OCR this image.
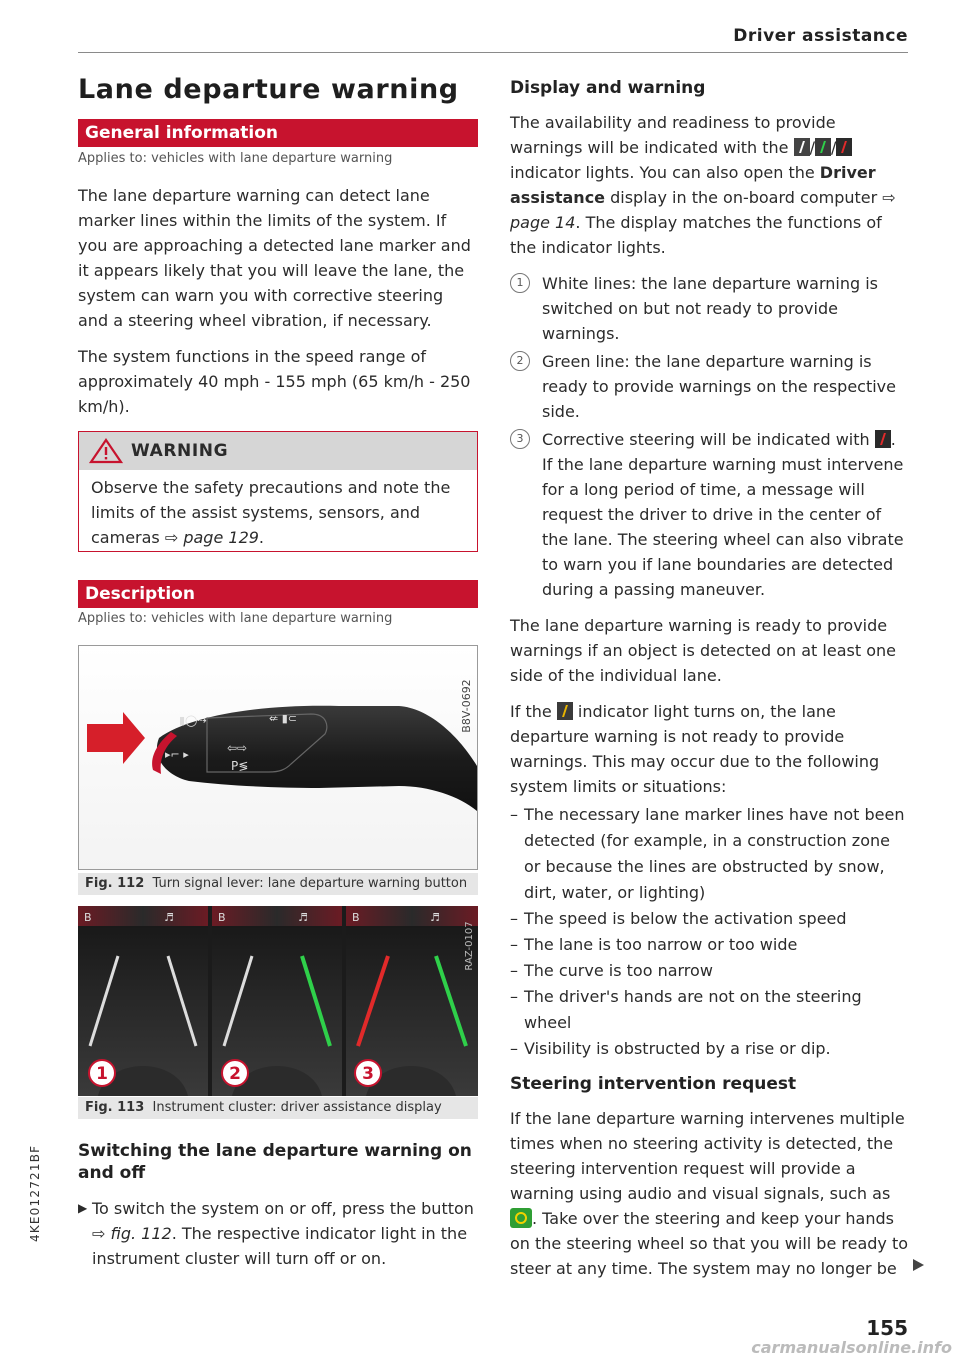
Driver assistance
Lane departure warning
General information
Applies to: vehicles with lane departure warning

The lane departure warning can detect lane marker lines within the limits of the system. If you are approaching a detected lane marker and it appears likely that you will leave the lane, the system can warn you with corrective steering and a steering wheel vibration, if necessary.

The system functions in the speed range of approximately 40 mph - 155 mph (65 km/h - 250 km/h).

WARNING
Observe the safety precautions and note the limits of the assist systems, sensors, and cameras ⇨ page 129.
Description
Applies to: vehicles with lane departure warning
▮◯⇢	⇍ ▮⊂
▸⌐ ▸	⇦⇨
P≶
B8V-0692
Fig. 112 Turn signal lever: lane departure warning button
B	♬	B	♬	B	♬
1	2	3
RAZ-0107
Fig. 113 Instrument cluster: driver assistance display
Switching the lane departure warning on and off
▶ To switch the system on or off, press the button ⇨ fig. 112. The respective indicator light in the instrument cluster will turn off or on.
Display and warning

The availability and readiness to provide warnings will be indicated with the / / indicator lights. You can also open the Driver assistance display in the on-board computer ⇨ page 14. The display matches the functions of the indicator lights.

1	White lines: the lane departure warning is switched on but not ready to provide warnings.
2	Green line: the lane departure warning is ready to provide warnings on the respective side.
3	Corrective steering will be indicated with . If the lane departure warning must intervene for a long period of time, a message will request the driver to drive in the center of the lane. The steering wheel can also vibrate to warn you if lane boundaries are detected during a passing maneuver.

The lane departure warning is ready to provide warnings if an object is detected on at least one side of the individual lane.

If the  indicator light turns on, the lane departure warning is not ready to provide warnings. This may occur due to the following system limits or situations:

– The necessary lane marker lines have not been detected (for example, in a construction zone or because the lines are obstructed by snow, dirt, water, or lighting)
– The speed is below the activation speed
– The lane is too narrow or too wide
– The curve is too narrow
– The driver's hands are not on the steering wheel
– Visibility is obstructed by a rise or dip.
Steering intervention request

If the lane departure warning intervenes multiple times when no steering activity is detected, the steering intervention request will provide a warning using audio and visual signals, such as . Take over the steering and keep your hands on the steering wheel so that you will be ready to steer at any time. The system may no longer be

155
4KE012721BF
carmanualsonline.info
